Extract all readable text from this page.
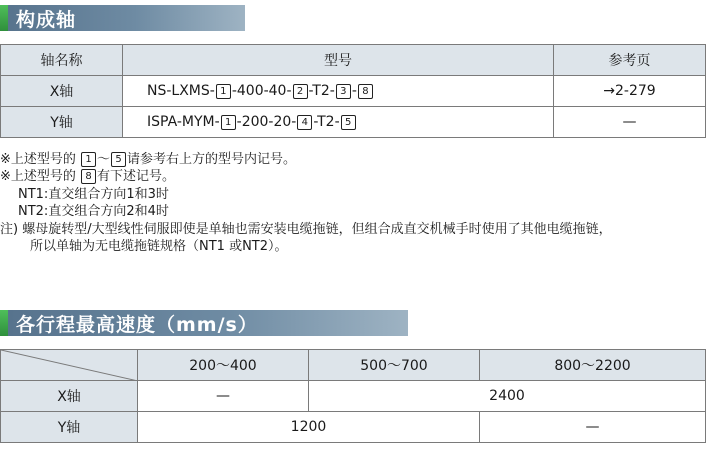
构成轴
轴名称	型号	参考页
X轴	NS-LXMS- 1 -400-40- 2 -T2- 3 - 8	→2-279
Y轴	ISPA-MYM- 1 -200-20- 4 -T2- 5	—
※上述型号的 1 ～ 5 请参考右上方的型号内记号。
※上述型号的 8 有下述记号。
NT1:直交组合方向1和3时
NT2:直交组合方向2和4时
注) 螺母旋转型/大型线性伺服即使是单轴也需安装电缆拖链，但组合成直交机械手时使用了其他电缆拖链，
所以单轴为无电缆拖链规格（NT1 或NT2）。
各行程最高速度（mm/s）
	200～400	500～700	800～2200
X轴	—	2400	
Y轴	1200		—
